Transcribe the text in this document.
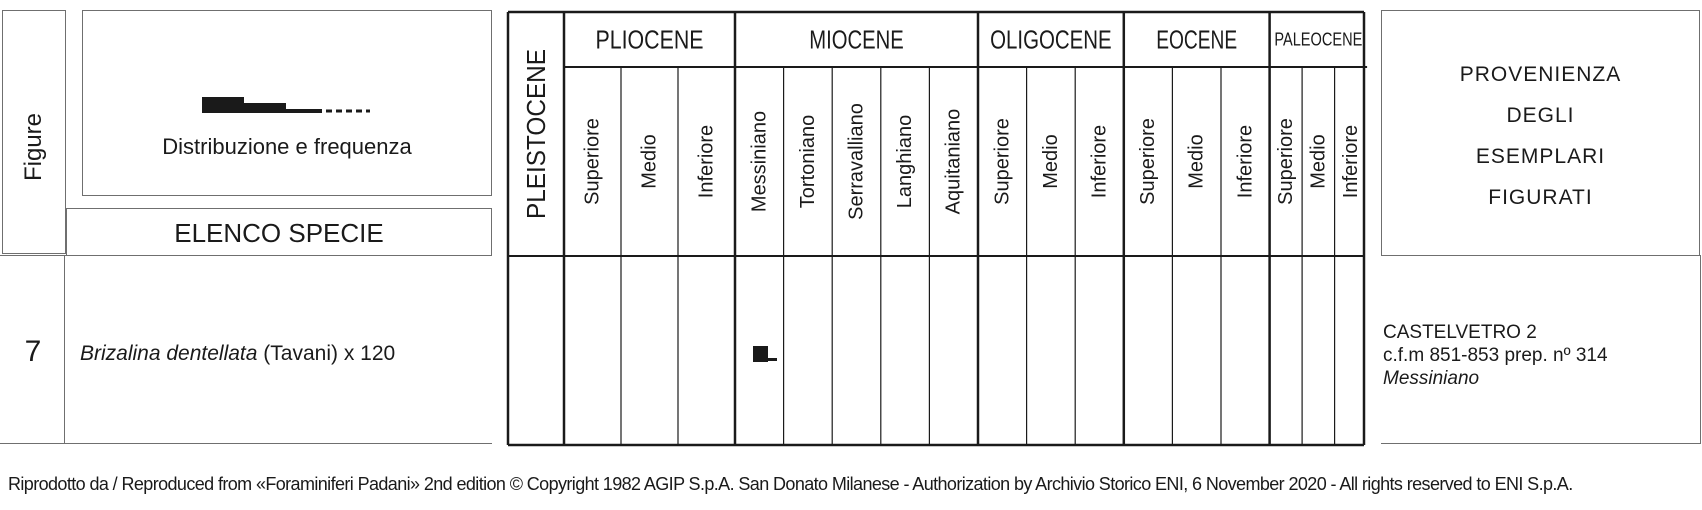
Figure	Distribuzione e frequenza
ELENCO SPECIE
7	Brizalina dentellata (Tavani) x 120
PLEISTOCENE PLIOCENE
Superiore Medio Inferiore
MIOCENE
Messiniano Tortoniano Serravalliano Langhiano Aquitaniano
OLIGOCENE
Superiore Medio Inferiore
EOCENE
Superiore Medio Inferiore
PALEOCENE
Superiore Medio Inferiore
PROVENIENZA
DEGLI
ESEMPLARI
FIGURATI
CASTELVETRO 2
c.f.m 851-853 prep. nº 314
Messiniano
Riprodotto da / Reproduced from «Foraminiferi Padani» 2nd edition © Copyright 1982 AGIP S.p.A. San Donato Milanese - Authorization by Archivio Storico ENI, 6 November 2020 - All rights reserved to ENI S.p.A.
